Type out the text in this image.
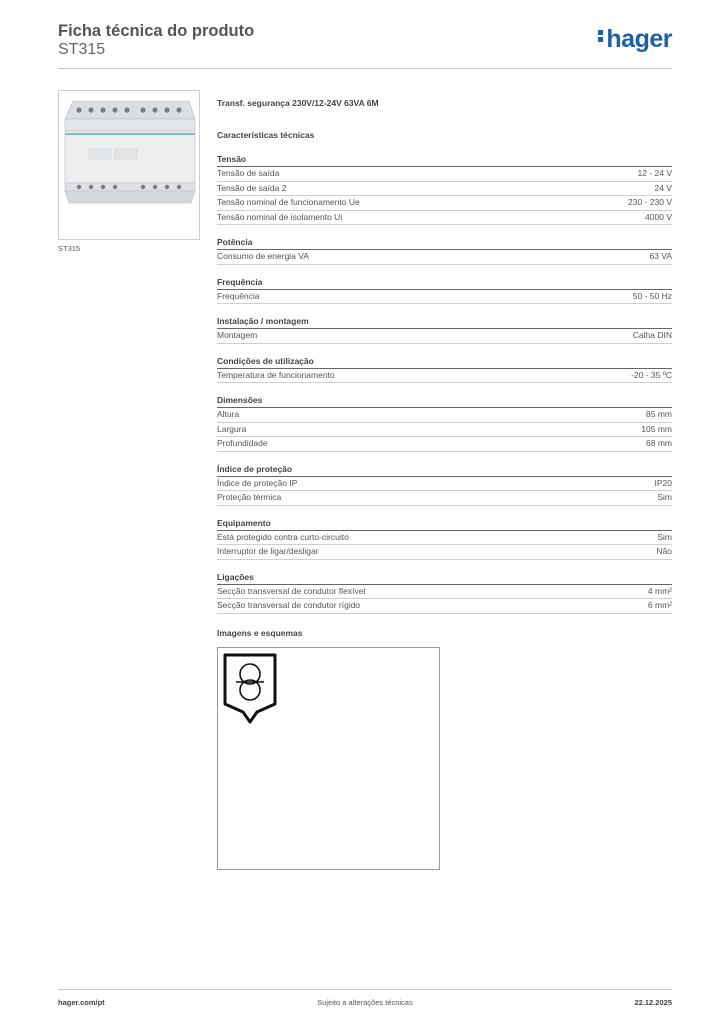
Ficha técnica do produto
ST315	hager
ST315
Transf. segurança 230V/12-24V 63VA 6M
Características técnicas
Tensão
Tensão de saída	12 - 24 V
Tensão de saída 2	24 V
Tensão nominal de funcionamento Ue	230 - 230 V
Tensão nominal de isolamento Ui	4000 V
Potência
Consumo de energia VA	63 VA
Frequência
Frequência	50 - 50 Hz
Instalação / montagem
Montagem	Calha DIN
Condições de utilização
Temperatura de funcionamento	-20 - 35 ºC
Dimensões
Altura	85 mm
Largura	105 mm
Profundidade	68 mm
Índice de proteção
Índice de proteção IP	IP20
Proteção térmica	Sim
Equipamento
Está protegido contra curto-circuito	Sim
Interruptor de ligar/desligar	Não
Ligações
Secção transversal de condutor flexível	4 mm²
Secção transversal de condutor rígido	6 mm²
Imagens e esquemas
hager.com/pt	Sujeito a alterações técnicas	22.12.2025
